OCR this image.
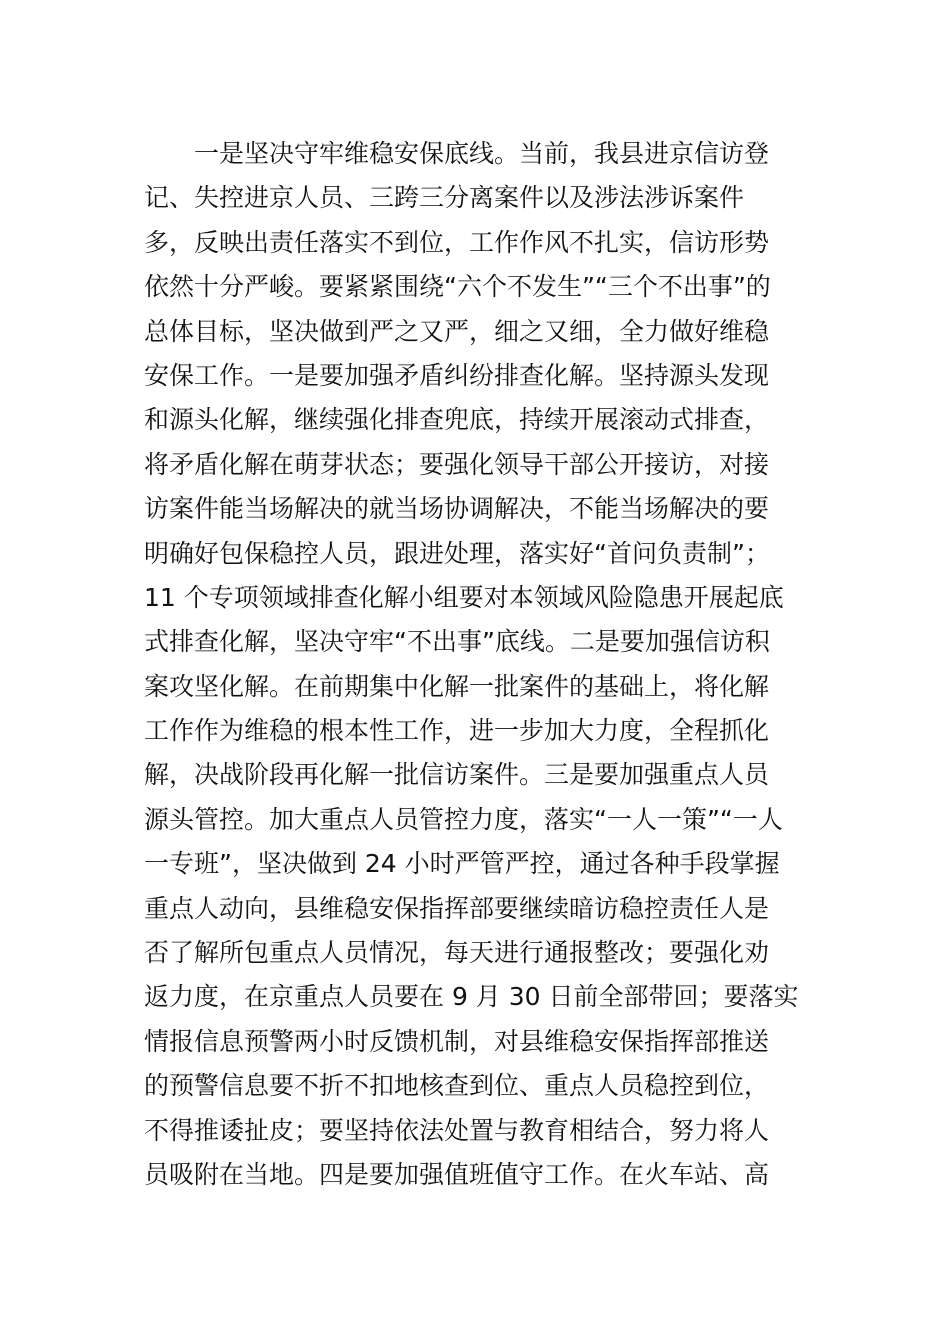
一是坚决守牢维稳安保底线。当前，我县进京信访登
记、失控进京人员、三跨三分离案件以及涉法涉诉案件
多，反映出责任落实不到位，工作作风不扎实，信访形势
依然十分严峻。要紧紧围绕“六个不发生”“三个不出事”的
总体目标，坚决做到严之又严，细之又细，全力做好维稳
安保工作。一是要加强矛盾纠纷排查化解。坚持源头发现
和源头化解，继续强化排查兜底，持续开展滚动式排查，
将矛盾化解在萌芽状态；要强化领导干部公开接访，对接
访案件能当场解决的就当场协调解决，不能当场解决的要
明确好包保稳控人员，跟进处理，落实好“首问负责制”；
11 个专项领域排查化解小组要对本领域风险隐患开展起底
式排查化解，坚决守牢“不出事”底线。二是要加强信访积
案攻坚化解。在前期集中化解一批案件的基础上，将化解
工作作为维稳的根本性工作，进一步加大力度，全程抓化
解，决战阶段再化解一批信访案件。三是要加强重点人员
源头管控。加大重点人员管控力度，落实“一人一策”“一人
一专班”，坚决做到 24 小时严管严控，通过各种手段掌握
重点人动向，县维稳安保指挥部要继续暗访稳控责任人是
否了解所包重点人员情况，每天进行通报整改；要强化劝
返力度，在京重点人员要在 9 月 30 日前全部带回；要落实
情报信息预警两小时反馈机制，对县维稳安保指挥部推送
的预警信息要不折不扣地核查到位、重点人员稳控到位，
不得推诿扯皮；要坚持依法处置与教育相结合，努力将人
员吸附在当地。四是要加强值班值守工作。在火车站、高
